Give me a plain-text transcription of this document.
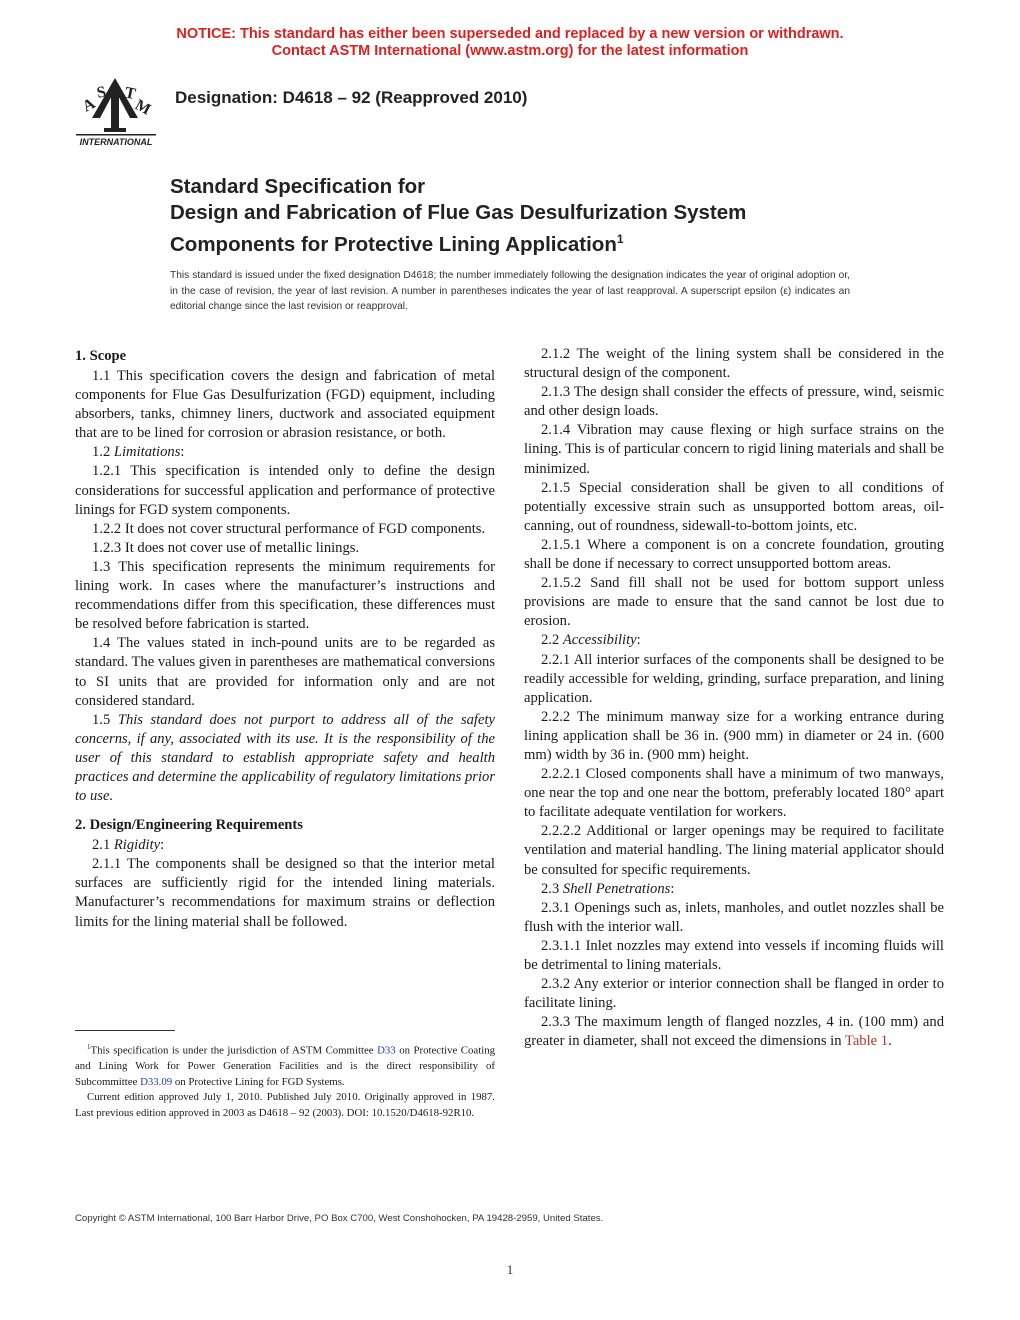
NOTICE: This standard has either been superseded and replaced by a new version or withdrawn.
Contact ASTM International (www.astm.org) for the latest information
A
S T
M
INTERNATIONAL
Designation: D4618 – 92 (Reapproved 2010)
Standard Specification for
Design and Fabrication of Flue Gas Desulfurization System
Components for Protective Lining Application$^1$
This standard is issued under the fixed designation D4618; the number immediately following the designation indicates the year of original adoption or, in the case of revision, the year of last revision. A number in parentheses indicates the year of last reapproval. A superscript epsilon (ε) indicates an editorial change since the last revision or reapproval.
1. Scope

1.1 This specification covers the design and fabrication of metal components for Flue Gas Desulfurization (FGD) equipment, including absorbers, tanks, chimney liners, ductwork and associated equipment that are to be lined for corrosion or abrasion resistance, or both.

1.2 Limitations:

1.2.1 This specification is intended only to define the design considerations for successful application and performance of protective linings for FGD system components.

1.2.2 It does not cover structural performance of FGD components.

1.2.3 It does not cover use of metallic linings.

1.3 This specification represents the minimum requirements for lining work. In cases where the manufacturer’s instructions and recommendations differ from this specification, these differences must be resolved before fabrication is started.

1.4 The values stated in inch-pound units are to be regarded as standard. The values given in parentheses are mathematical conversions to SI units that are provided for information only and are not considered standard.

1.5 This standard does not purport to address all of the safety concerns, if any, associated with its use. It is the responsibility of the user of this standard to establish appropriate safety and health practices and determine the applicability of regulatory limitations prior to use.

2. Design/Engineering Requirements

2.1 Rigidity:

2.1.1 The components shall be designed so that the interior metal surfaces are sufficiently rigid for the intended lining materials. Manufacturer’s recommendations for maximum strains or deflection limits for the lining material shall be followed.

$^1$This specification is under the jurisdiction of ASTM Committee D33 on Protective Coating and Lining Work for Power Generation Facilities and is the direct responsibility of Subcommittee D33.09 on Protective Lining for FGD Systems.

Current edition approved July 1, 2010. Published July 2010. Originally approved in 1987. Last previous edition approved in 2003 as D4618 – 92 (2003). DOI: 10.1520/D4618-92R10.

2.1.2 The weight of the lining system shall be considered in the structural design of the component.

2.1.3 The design shall consider the effects of pressure, wind, seismic and other design loads.

2.1.4 Vibration may cause flexing or high surface strains on the lining. This is of particular concern to rigid lining materials and shall be minimized.

2.1.5 Special consideration shall be given to all conditions of potentially excessive strain such as unsupported bottom areas, oil-canning, out of roundness, sidewall-to-bottom joints, etc.

2.1.5.1 Where a component is on a concrete foundation, grouting shall be done if necessary to correct unsupported bottom areas.

2.1.5.2 Sand fill shall not be used for bottom support unless provisions are made to ensure that the sand cannot be lost due to erosion.

2.2 Accessibility:

2.2.1 All interior surfaces of the components shall be designed to be readily accessible for welding, grinding, surface preparation, and lining application.

2.2.2 The minimum manway size for a working entrance during lining application shall be 36 in. (900 mm) in diameter or 24 in. (600 mm) width by 36 in. (900 mm) height.

2.2.2.1 Closed components shall have a minimum of two manways, one near the top and one near the bottom, preferably located 180° apart to facilitate adequate ventilation for workers.

2.2.2.2 Additional or larger openings may be required to facilitate ventilation and material handling. The lining material applicator should be consulted for specific requirements.

2.3 Shell Penetrations:

2.3.1 Openings such as, inlets, manholes, and outlet nozzles shall be flush with the interior wall.

2.3.1.1 Inlet nozzles may extend into vessels if incoming fluids will be detrimental to lining materials.

2.3.2 Any exterior or interior connection shall be flanged in order to facilitate lining.

2.3.3 The maximum length of flanged nozzles, 4 in. (100 mm) and greater in diameter, shall not exceed the dimensions in Table 1.

Copyright © ASTM International, 100 Barr Harbor Drive, PO Box C700, West Conshohocken, PA 19428-2959, United States.
1
